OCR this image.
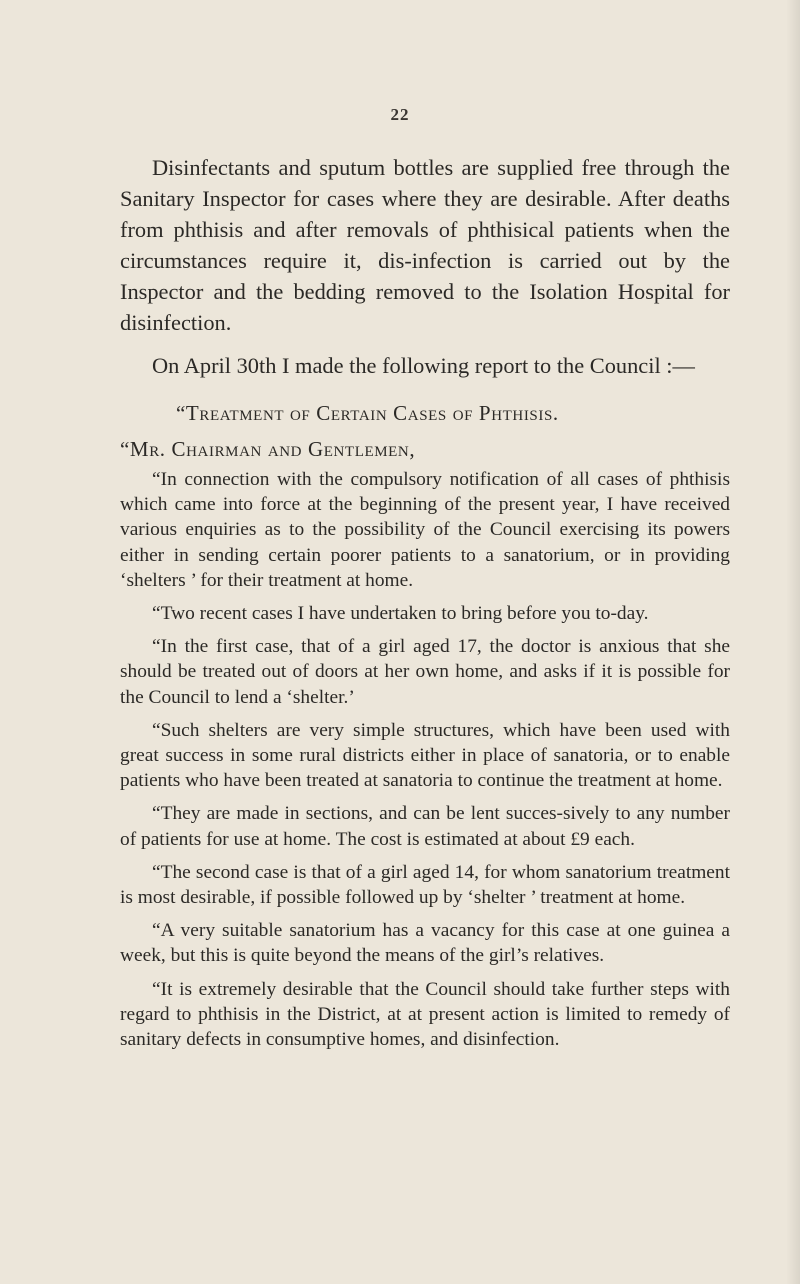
22

Disinfectants and sputum bottles are supplied free through the Sanitary Inspector for cases where they are desirable. After deaths from phthisis and after removals of phthisical patients when the circumstances require it, dis-infection is carried out by the Inspector and the bedding removed to the Isolation Hospital for disinfection.

On April 30th I made the following report to the Council :—

“Treatment of Certain Cases of Phthisis.

“Mr. Chairman and Gentlemen,

“In connection with the compulsory notification of all cases of phthisis which came into force at the beginning of the present year, I have received various enquiries as to the possibility of the Council exercising its powers either in sending certain poorer patients to a sanatorium, or in providing ‘shelters ’ for their treatment at home.

“Two recent cases I have undertaken to bring before you to-day.

“In the first case, that of a girl aged 17, the doctor is anxious that she should be treated out of doors at her own home, and asks if it is possible for the Council to lend a ‘shelter.’

“Such shelters are very simple structures, which have been used with great success in some rural districts either in place of sanatoria, or to enable patients who have been treated at sanatoria to continue the treatment at home.

“They are made in sections, and can be lent succes-sively to any number of patients for use at home. The cost is estimated at about £9 each.

“The second case is that of a girl aged 14, for whom sanatorium treatment is most desirable, if possible followed up by ‘shelter ’ treatment at home.

“A very suitable sanatorium has a vacancy for this case at one guinea a week, but this is quite beyond the means of the girl’s relatives.

“It is extremely desirable that the Council should take further steps with regard to phthisis in the District, at at present action is limited to remedy of sanitary defects in consumptive homes, and disinfection.
